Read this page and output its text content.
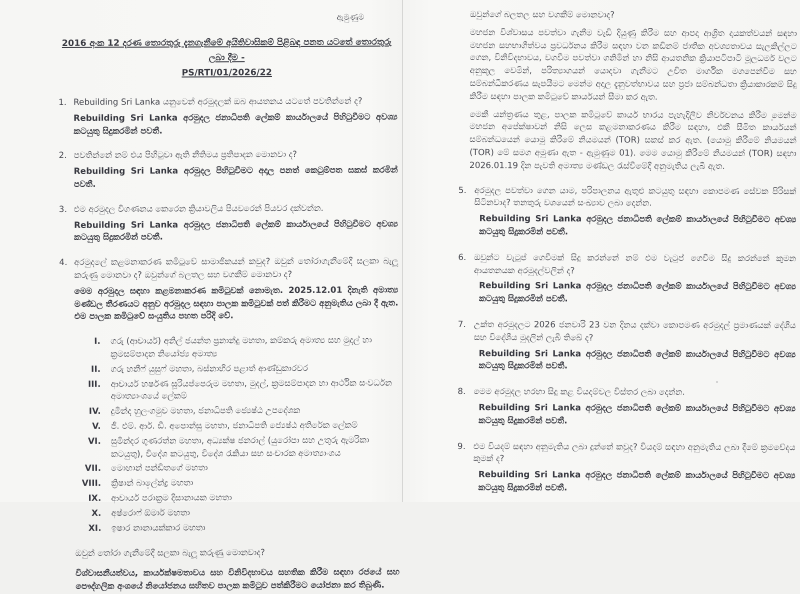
ඇමුණුම
2016 අංක 12 දරණ තොරතුරු දැනගැනීමේ අයිතිවාසිකම් පිළිබඳ පනත යටතේ තොරතුරු ලබා දීම -
PS/RTI/01/2026/22
1. Rebuilding Sri Lanka යනුවෙන් අරමුදලක් ඔබ ආයතනය යටතේ පවතින්නේ ද?
Rebuilding Sri Lanka අරමුදල ජනාධිපති ලේකම් කාර්යාලයේ පිහිටුවීමට අවශ්‍ය කටයුතු සිදුකරමින් පවතී.
2. පවතින්නේ නම් එය පිහිටුවා ඇති නීතිමය ප්‍රතිපාදන මොනවා ද?
Rebuilding Sri Lanka අරමුදල පිහිටුවීමට අදාල පනත් කෙටුම්පත සකස් කරමින් පවතී.
3. එම අරමුදල විගණනය කෙරෙන ක්‍රියාවලිය පියවරෙන් පියවර දක්වන්න.
Rebuilding Sri Lanka අරමුදල ජනාධිපති ලේකම් කාර්යාලයේ පිහිටුවීමට අවශ්‍ය කටයුතු සිදුකරමින් පවතී.
4. අරමුදලේ කළමනාකරණ කමිටුවේ සාමාජිකයන් කවුද? ඔවුන් තෝරාගැනීමේදී සලකා බැලූ කරුණු මොනවා ද? ඔවුන්ගේ බලතල සහ වගකීම් මොනවා ද?
මෙම අරමුදල සඳහා කළමනාකරණ කමිටුවක් නොමැත. 2025.12.01 දිනැති අමාත්‍ය මණ්ඩල තීරණයට අනුව අරමුදල සඳහා පාලක කමිටුවක් පත් කිරීමට අනුමැතිය ලබා දී ඇත. එම පාලක කමිටුවේ සංයුතිය පහත පරිදි වේ.
I. ගරු (ආචාර්ය) අනිල් ජයන්ත ප්‍රනාන්දු මහතා, කම්කරු අමාත්‍ය සහ මුදල් හා ක්‍රමසම්පාදන නියෝජ්‍ය අමාත්‍ය
II. ගරු හනීෆ් යුසුෆ් මහතා, බස්නාහිර පළාත් ආණ්ඩුකාරවර
III. ආචාර්ය හර්ෂණ සූරියප්පෙරුම මහතා, මුදල්, ක්‍රමසම්පාදන හා ආර්ථික සංවර්ධන අමාත්‍යාංශයේ ලේකම්
IV. දුමින්ද හුලංගමුව මහතා, ජනාධිපති ජ්‍යෙෂ්ඨ උපදේශක
V. ජී. එම්. ආර්. ඩී. අපොන්සු මහතා, ජනාධිපති ජ්‍යෙෂ්ඨ අතිරේක ලේකම්
VI. සුමින්දර ගුණරත්න මහතා, අධ්‍යක්ෂ ජනරාල් (යුරෝපා සහ උතුරු ඇමරිකා කටයුතු), විදේශ කටයුතු, විදේශ රැකියා සහ සංචාරක අමාත්‍යාංශය
VII. මොහාන් පන්ඩිතගේ මහතා
VIII. ක්‍රිෂාන් බාලේන්ද්‍ර මහතා
IX. ආචාර්ය පරාක්‍රම දිසානායක මහතා
X. අෂ්රොෆ් ඕමාර් මහතා
XI. ඉෂාර නානායක්කාර මහතා
ඔවුන් තෝරා ගැනීමේදී සලකා බැලූ කරුණු මොනවාද?
විශ්වාසනීයත්වය, කාර්යක්ෂමතාවය සහ විනිවිදභාවය සහතික කිරීම සඳහා රජයේ සහ පෞද්ගලික අංශයේ නියෝජනය සහිතව පාලක කමිටුව පත්කිරීමට යෝජනා කර තිබුණි.
ඔවුන්ගේ බලතල සහ වගකීම් මොනවාද?
මහජන විශ්වාසය පවත්වා ගැනීම වැඩි දියුණු කිරීම සහ ආපදා ආශ්‍රිත දායකත්වයන් සඳහා මහජන සහභාගීත්වය ප්‍රවර්ධනය කිරීම සඳහා වන කඩිනම් ජාතික අවශ්‍යතාවය සැලකිල්ලට ගෙන, විනිවිදභාවය, වගවීම පවත්වා ගනිමින් හා නිසි ආයතනික ක්‍රියාපටිපාටි මූලධර්ම වලට අනුකූල වෙමින්, පරිත්‍යාගයන් යොදවා ගැනීමට උචිත මාර්ගික මගපෙන්වීම සහ සම්බන්ධීකරණය සැපයීමට මෙන්ම අදාල දැනුවත්භාවය සහ ප්‍රජා සම්බන්ධතා ක්‍රියාකාරකම් සිදු කිරීම සඳහා පාලක කමිටුවේ කාර්යයන් සීමා කර ඇත.
මෙකී යන්ත්‍රණය තුළ, පාලක කමිටුවේ කාර්ය භාරය පැහැදිලිව නිර්වචනය කිරීම මෙන්ම මහජන අපේක්ෂාවන් නිසි ලෙස කළමනාකරණය කිරීම සඳහා, එකී සීමිත කාර්යයන් සම්බන්ධයෙන් යොමු කිරීමේ නියමයන් (TOR) සකස් කර ඇත. (යොමු කිරීමේ නියමයන් (TOR) මේ සමග අමුණා ඇත - ඇමුණුම 01). මෙම යොමු කිරීමේ නියමයන් (TOR) සඳහා 2026.01.19 දින පැවති අමාත්‍ය මණ්ඩල රැස්වීමේදී අනුමැතිය ලැබී ඇත.
5. අරමුදල පවත්වා ගෙන යාම, පරිපාලනය ඇතුළු කටයුතු සඳහා කොපමණ සේවක පිරිසක් සිටිනවාද? තනතුරු වශයෙන් සංඛ්‍යාව ලබා දෙන්න.
Rebuilding Sri Lanka අරමුදල ජනාධිපති ලේකම් කාර්යාලයේ පිහිටුවීමට අවශ්‍ය කටයුතු සිදුකරමින් පවතී.
6. ඔවුන්ට වැටුප් ගෙවීමක් සිදු කරන්නේ නම් එම වැටුප් ගෙවීම සිදු කරන්නේ කුමන ආයතනයක අරමුදල්වලින් ද?
Rebuilding Sri Lanka අරමුදල ජනාධිපති ලේකම් කාර්යාලයේ පිහිටුවීමට අවශ්‍ය කටයුතු සිදුකරමින් පවතී.
7. උක්ත අරමුදලට 2026 ජනවාරි 23 වන දිනය දක්වා කොපමණ අරමුදල් ප්‍රමාණයක් දේශීය සහ විදේශීය මුදලින් ලැබී තිබේ ද?
Rebuilding Sri Lanka අරමුදල ජනාධිපති ලේකම් කාර්යාලයේ පිහිටුවීමට අවශ්‍ය කටයුතු සිදුකරමින් පවතී.
8. මෙම අරමුදල හරහා සිදු කළ වියදම්වල විස්තර ලබා දෙන්න.
Rebuilding Sri Lanka අරමුදල ජනාධිපති ලේකම් කාර්යාලයේ පිහිටුවීමට අවශ්‍ය කටයුතු සිදුකරමින් පවතී.
9. එම වියදම් සඳහා අනුමැතිය ලබා දුන්නේ කවුද? වියදම් සඳහා අනුමැතිය ලබා දීමේ ක්‍රමවේදය කුමක් ද?
Rebuilding Sri Lanka අරමුදල ජනාධිපති ලේකම් කාර්යාලයේ පිහිටුවීමට අවශ්‍ය කටයුතු සිදුකරමින් පවතී.
